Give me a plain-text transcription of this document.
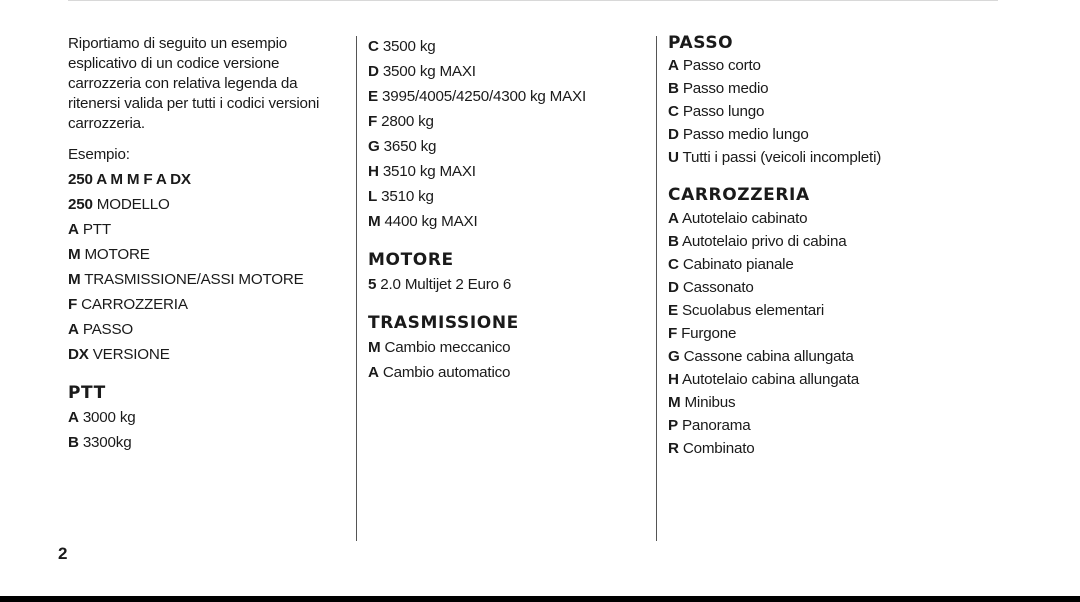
Riportiamo di seguito un esempio esplicativo di un codice versione carrozzeria con relativa legenda da ritenersi valida per tutti i codici versioni carrozzeria.

Esempio:
250 A M M F A DX
250 MODELLO
A PTT
M MOTORE
M TRASMISSIONE/ASSI MOTORE
F CARROZZERIA
A PASSO
DX VERSIONE
PTT
A 3000 kg
B 3300kg
C 3500 kg
D 3500 kg MAXI
E 3995/4005/4250/4300 kg MAXI
F 2800 kg
G 3650 kg
H 3510 kg MAXI
L 3510 kg
M 4400 kg MAXI
MOTORE
5 2.0 Multijet 2 Euro 6
TRASMISSIONE
M Cambio meccanico
A Cambio automatico
PASSO
A Passo corto
B Passo medio
C Passo lungo
D Passo medio lungo
U Tutti i passi (veicoli incompleti)
CARROZZERIA
A Autotelaio cabinato
B Autotelaio privo di cabina
C Cabinato pianale
D Cassonato
E Scuolabus elementari
F Furgone
G Cassone cabina allungata
H Autotelaio cabina allungata
M Minibus
P Panorama
R Combinato
2
